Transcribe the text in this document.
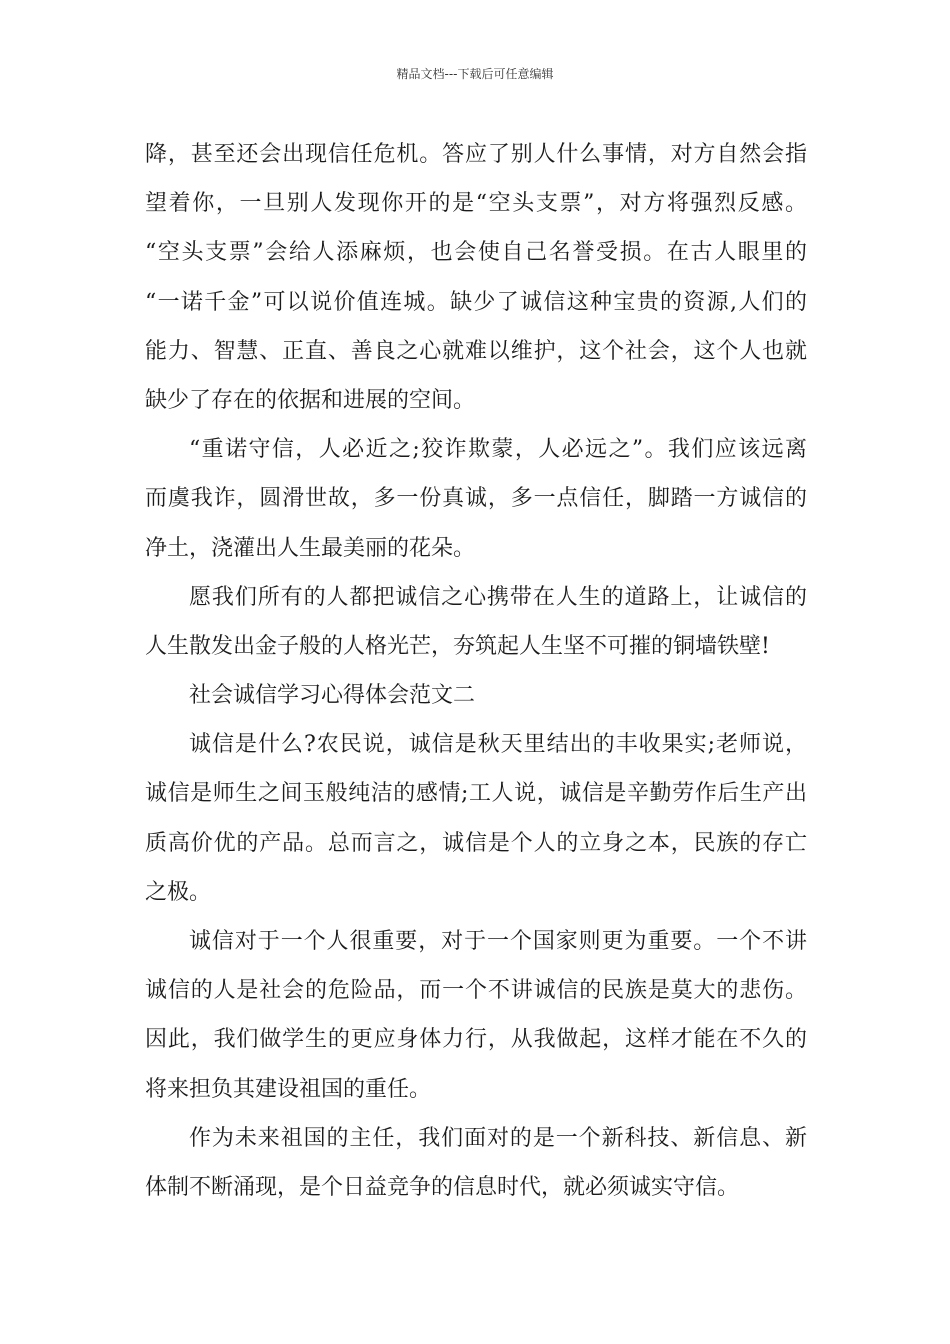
精品文档---下载后可任意编辑
降，甚至还会出现信任危机。答应了别人什么事情，对方自然会指
望着你，一旦别人发现你开的是“空头支票”，对方将强烈反感。
“空头支票”会给人添麻烦，也会使自己名誉受损。在古人眼里的
“一诺千金”可以说价值连城。缺少了诚信这种宝贵的资源,人们的
能力、智慧、正直、善良之心就难以维护，这个社会，这个人也就
缺少了存在的依据和进展的空间。
“重诺守信，人必近之;狡诈欺蒙，人必远之”。我们应该远离
而虞我诈，圆滑世故，多一份真诚，多一点信任，脚踏一方诚信的
净土，浇灌出人生最美丽的花朵。
愿我们所有的人都把诚信之心携带在人生的道路上，让诚信的
人生散发出金子般的人格光芒，夯筑起人生坚不可摧的铜墙铁壁!
社会诚信学习心得体会范文二
诚信是什么?农民说，诚信是秋天里结出的丰收果实;老师说，
诚信是师生之间玉般纯洁的感情;工人说，诚信是辛勤劳作后生产出
质高价优的产品。总而言之，诚信是个人的立身之本，民族的存亡
之极。
诚信对于一个人很重要，对于一个国家则更为重要。一个不讲
诚信的人是社会的危险品，而一个不讲诚信的民族是莫大的悲伤。
因此，我们做学生的更应身体力行，从我做起，这样才能在不久的
将来担负其建设祖国的重任。
作为未来祖国的主任，我们面对的是一个新科技、新信息、新
体制不断涌现，是个日益竞争的信息时代，就必须诚实守信。
